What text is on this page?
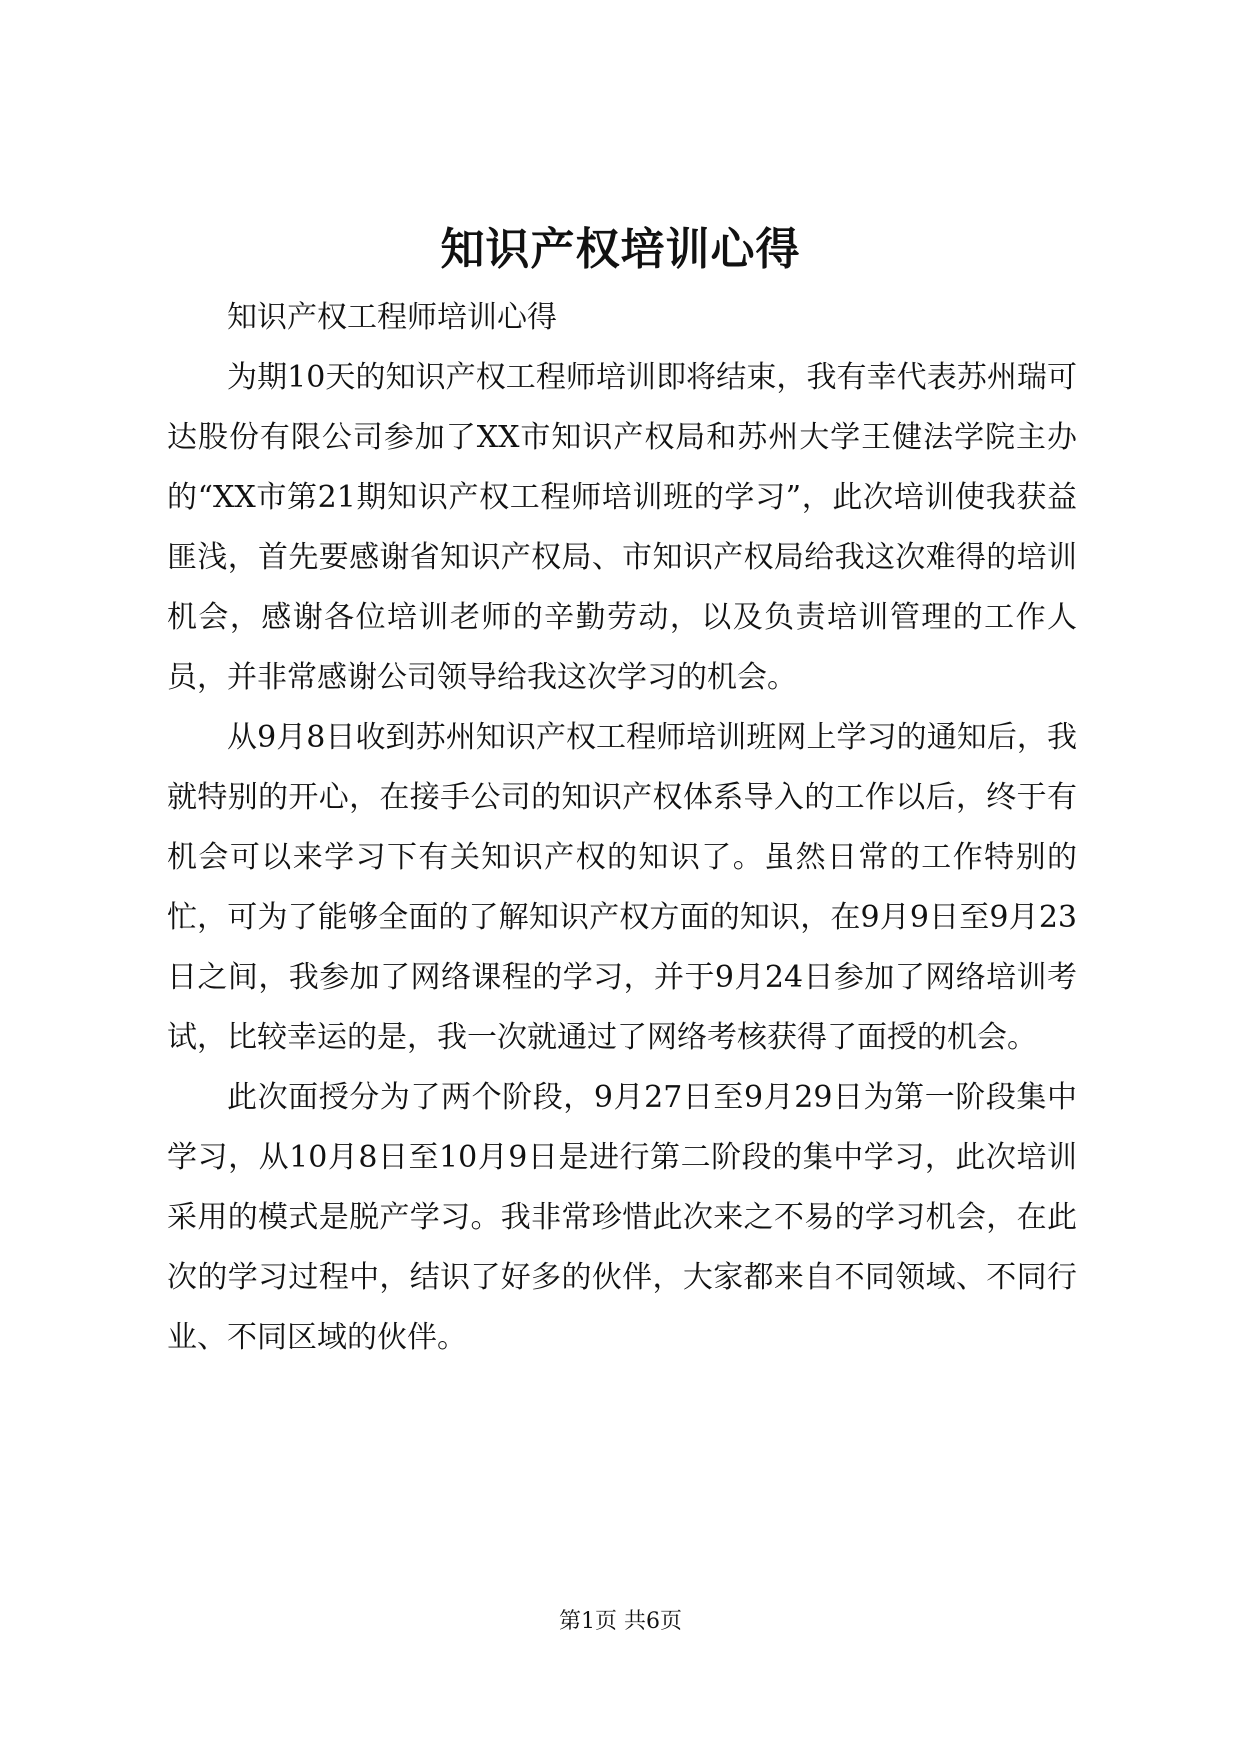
知识产权培训心得

知识产权工程师培训心得

为期10天的知识产权工程师培训即将结束，我有幸代表苏州瑞可达股份有限公司参加了XX市知识产权局和苏州大学王健法学院主办的“XX市第21期知识产权工程师培训班的学习”，此次培训使我获益匪浅，首先要感谢省知识产权局、市知识产权局给我这次难得的培训机会，感谢各位培训老师的辛勤劳动，以及负责培训管理的工作人员，并非常感谢公司领导给我这次学习的机会。

从9月8日收到苏州知识产权工程师培训班网上学习的通知后，我就特别的开心，在接手公司的知识产权体系导入的工作以后，终于有机会可以来学习下有关知识产权的知识了。虽然日常的工作特别的忙，可为了能够全面的了解知识产权方面的知识，在9月9日至9月23日之间，我参加了网络课程的学习，并于9月24日参加了网络培训考试，比较幸运的是，我一次就通过了网络考核获得了面授的机会。

此次面授分为了两个阶段，9月27日至9月29日为第一阶段集中学习，从10月8日至10月9日是进行第二阶段的集中学习，此次培训采用的模式是脱产学习。我非常珍惜此次来之不易的学习机会，在此次的学习过程中，结识了好多的伙伴，大家都来自不同领域、不同行业、不同区域的伙伴。

第1页 共6页
